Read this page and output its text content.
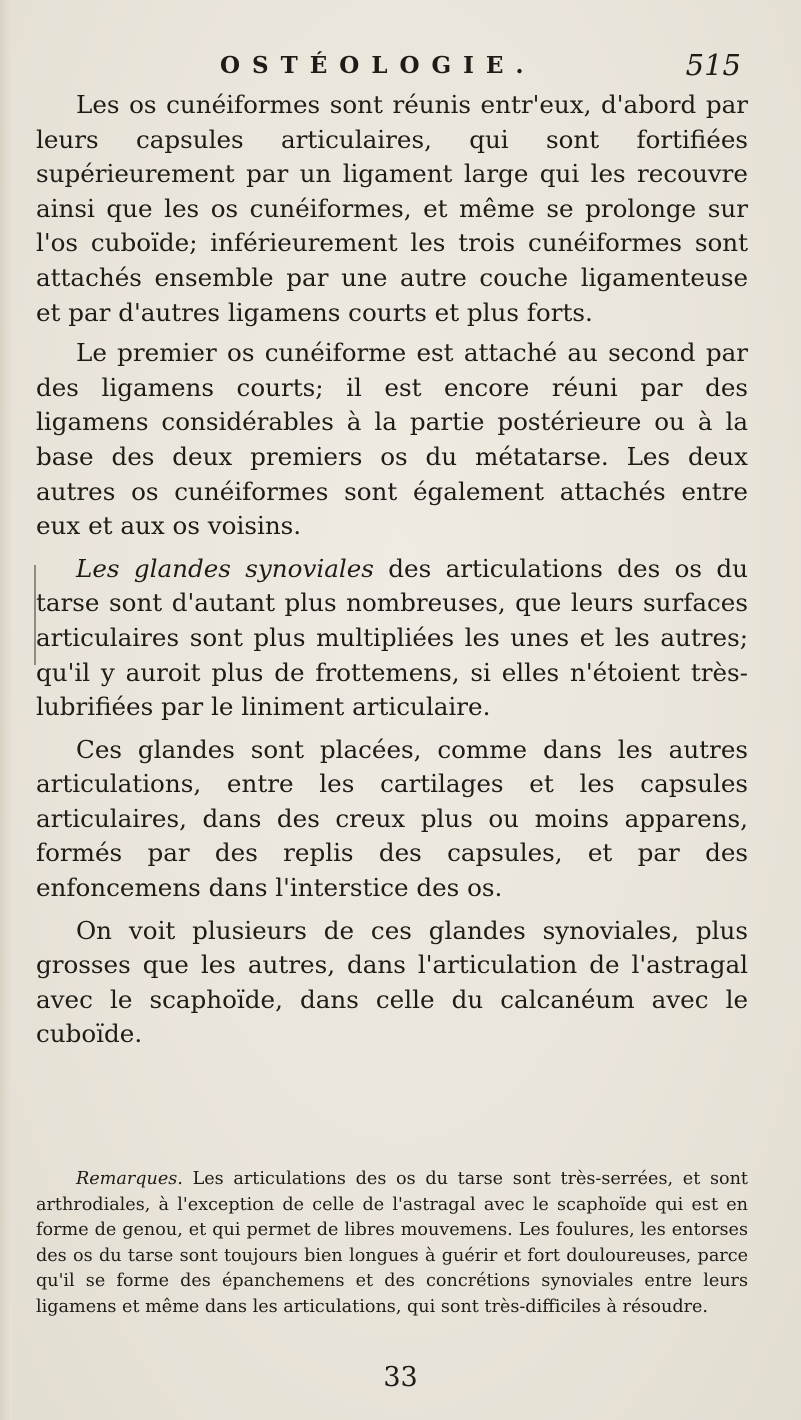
OSTÉOLOGIE.	515

Les os cunéiformes sont réunis entr'eux, d'abord par leurs capsules articulaires, qui sont fortifiées supérieurement par un ligament large qui les recouvre ainsi que les os cunéiformes, et même se prolonge sur l'os cuboïde; inférieurement les trois cunéiformes sont attachés ensemble par une autre couche ligamenteuse et par d'autres ligamens courts et plus forts.

Le premier os cunéiforme est attaché au second par des ligamens courts; il est encore réuni par des ligamens considérables à la partie postérieure ou à la base des deux premiers os du métatarse. Les deux autres os cunéiformes sont également attachés entre eux et aux os voisins.

Les glandes synoviales des articulations des os du tarse sont d'autant plus nombreuses, que leurs surfaces articulaires sont plus multipliées les unes et les autres; qu'il y auroit plus de frottemens, si elles n'étoient très-lubrifiées par le liniment articulaire.

Ces glandes sont placées, comme dans les autres articulations, entre les cartilages et les capsules articulaires, dans des creux plus ou moins apparens, formés par des replis des capsules, et par des enfoncemens dans l'interstice des os.

On voit plusieurs de ces glandes synoviales, plus grosses que les autres, dans l'articulation de l'astragal avec le scaphoïde, dans celle du calcanéum avec le cuboïde.

Remarques. Les articulations des os du tarse sont très-serrées, et sont arthrodiales, à l'exception de celle de l'astragal avec le scaphoïde qui est en forme de genou, et qui permet de libres mouvemens. Les foulures, les entorses des os du tarse sont toujours bien longues à guérir et fort douloureuses, parce qu'il se forme des épanchemens et des concrétions synoviales entre leurs ligamens et même dans les articulations, qui sont très-difficiles à résoudre.

33
